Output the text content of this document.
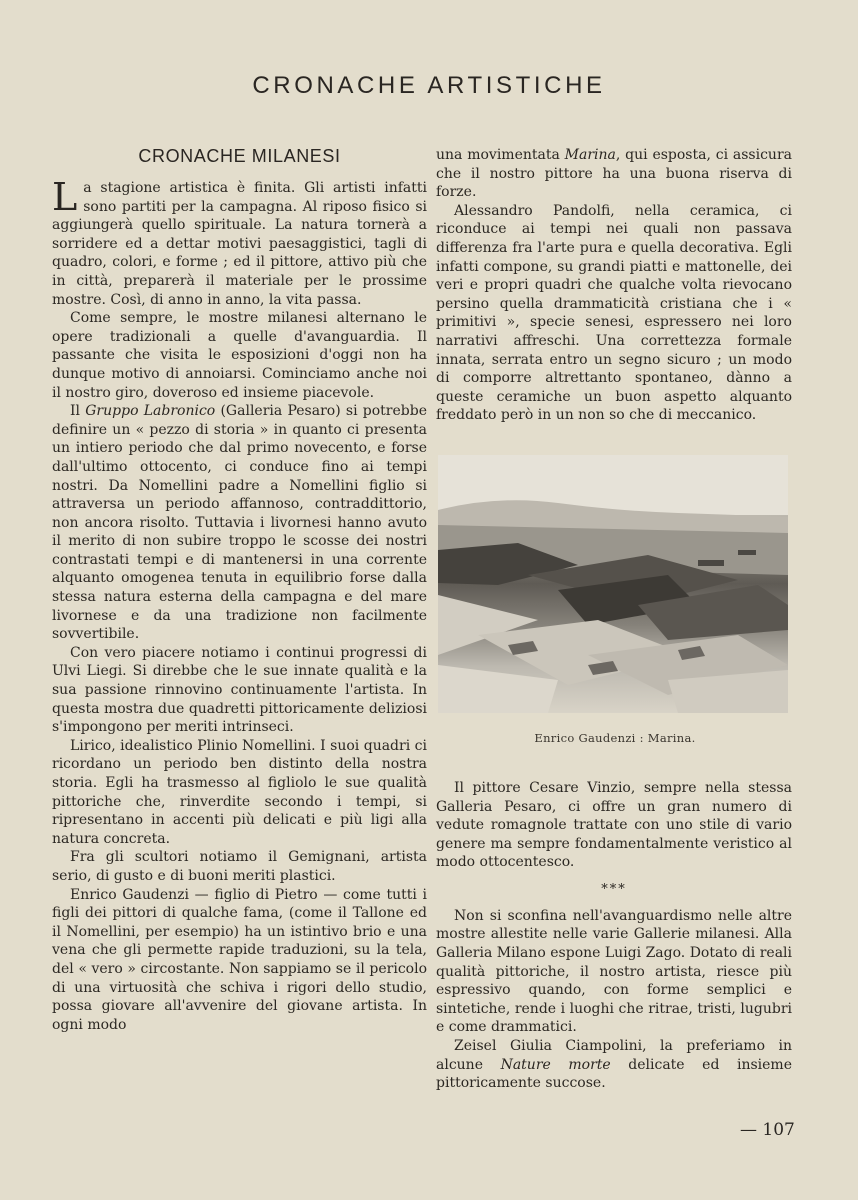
CRONACHE ARTISTICHE
CRONACHE MILANESI

La stagione artistica è finita. Gli artisti infatti sono partiti per la campagna. Al riposo fisico si aggiungerà quello spirituale. La natura tornerà a sorridere ed a dettar motivi paesaggistici, tagli di quadro, colori, e forme ; ed il pittore, attivo più che in città, preparerà il materiale per le prossime mostre. Così, di anno in anno, la vita passa.

Come sempre, le mostre milanesi alternano le opere tradizionali a quelle d'avanguardia. Il passante che visita le esposizioni d'oggi non ha dunque motivo di annoiarsi. Cominciamo anche noi il nostro giro, doveroso ed insieme piacevole.

Il Gruppo Labronico (Galleria Pesaro) si potrebbe definire un « pezzo di storia » in quanto ci presenta un intiero periodo che dal primo novecento, e forse dall'ultimo ottocento, ci conduce fino ai tempi nostri. Da Nomellini padre a Nomellini figlio si attraversa un periodo affannoso, contraddittorio, non ancora risolto. Tuttavia i livornesi hanno avuto il merito di non subire troppo le scosse dei nostri contrastati tempi e di mantenersi in una corrente alquanto omogenea tenuta in equilibrio forse dalla stessa natura esterna della campagna e del mare livornese e da una tradizione non facilmente sovvertibile.

Con vero piacere notiamo i continui progressi di Ulvi Liegi. Si direbbe che le sue innate qualità e la sua passione rinnovino continuamente l'artista. In questa mostra due quadretti pittoricamente deliziosi s'impongono per meriti intrinseci.

Lirico, idealistico Plinio Nomellini. I suoi quadri ci ricordano un periodo ben distinto della nostra storia. Egli ha trasmesso al figliolo le sue qualità pittoriche che, rinverdite secondo i tempi, si ripresentano in accenti più delicati e più ligi alla natura concreta.

Fra gli scultori notiamo il Gemignani, artista serio, di gusto e di buoni meriti plastici.

Enrico Gaudenzi — figlio di Pietro — come tutti i figli dei pittori di qualche fama, (come il Tallone ed il Nomellini, per esempio) ha un istintivo brio e una vena che gli permette rapide traduzioni, su la tela, del « vero » circostante. Non sappiamo se il pericolo di una virtuosità che schiva i rigori dello studio, possa giovare all'avvenire del giovane artista. In ogni modo

una movimentata Marina, qui esposta, ci assicura che il nostro pittore ha una buona riserva di forze.

Alessandro Pandolfi, nella ceramica, ci riconduce ai tempi nei quali non passava differenza fra l'arte pura e quella decorativa. Egli infatti compone, su grandi piatti e mattonelle, dei veri e propri quadri che qualche volta rievocano persino quella drammaticità cristiana che i « primitivi », specie senesi, espressero nei loro narrativi affreschi. Una correttezza formale innata, serrata entro un segno sicuro ; un modo di comporre altrettanto spontaneo, dànno a queste ceramiche un buon aspetto alquanto freddato però in un non so che di meccanico.

Enrico Gaudenzi : Marina.

Il pittore Cesare Vinzio, sempre nella stessa Galleria Pesaro, ci offre un gran numero di vedute romagnole trattate con uno stile di vario genere ma sempre fondamentalmente veristico al modo ottocentesco.

***

Non si sconfina nell'avanguardismo nelle altre mostre allestite nelle varie Gallerie milanesi. Alla Galleria Milano espone Luigi Zago. Dotato di reali qualità pittoriche, il nostro artista, riesce più espressivo quando, con forme semplici e sintetiche, rende i luoghi che ritrae, tristi, lugubri e come drammatici.

Zeisel Giulia Ciampolini, la preferiamo in alcune Nature morte delicate ed insieme pittoricamente succose.

— 107
